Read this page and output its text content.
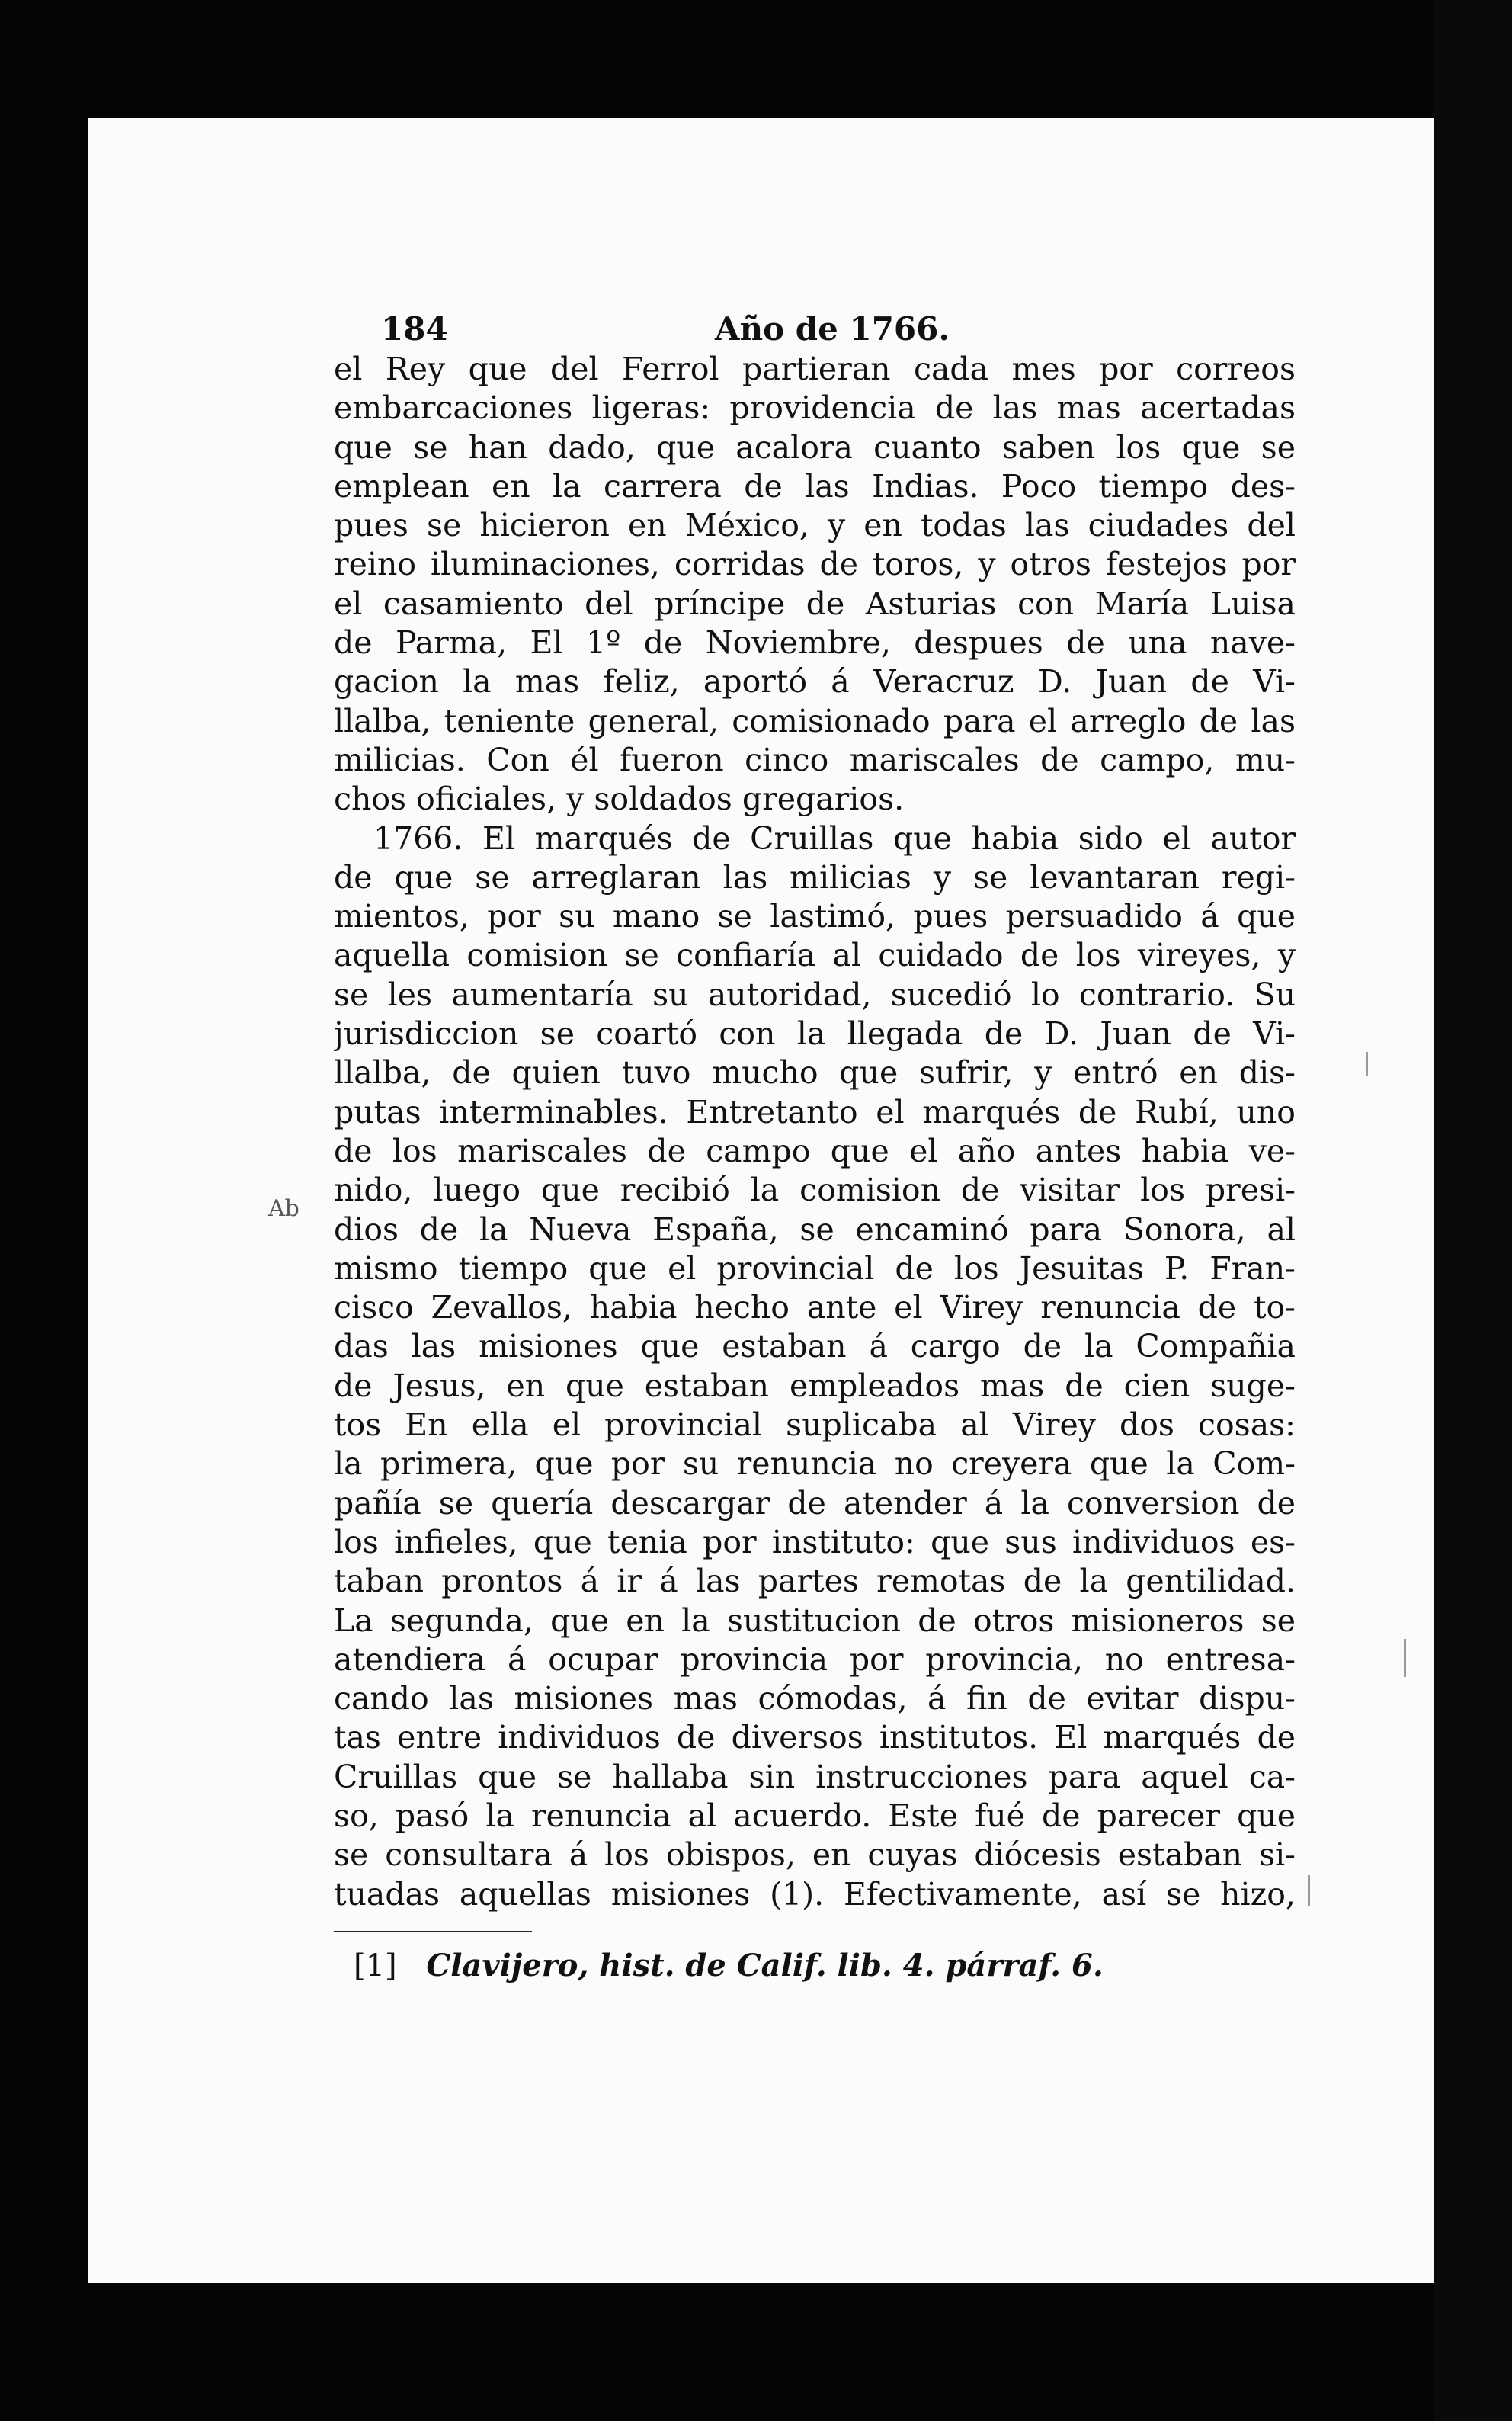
Ab
184	Año de 1766.
el Rey que del Ferrol partieran cada mes por correos
embarcaciones ligeras: providencia de las mas acertadas
que se han dado, que acalora cuanto saben los que se
emplean en la carrera de las Indias. Poco tiempo des-
pues se hicieron en México, y en todas las ciudades del
reino iluminaciones, corridas de toros, y otros festejos por
el casamiento del príncipe de Asturias con María Luisa
de Parma, El 1º de Noviembre, despues de una nave-
gacion la mas feliz, aportó á Veracruz D. Juan de Vi-
llalba, teniente general, comisionado para el arreglo de las
milicias. Con él fueron cinco mariscales de campo, mu-
chos oficiales, y soldados gregarios.
1766. El marqués de Cruillas que habia sido el autor
de que se arreglaran las milicias y se levantaran regi-
mientos, por su mano se lastimó, pues persuadido á que
aquella comision se confiaría al cuidado de los vireyes, y
se les aumentaría su autoridad, sucedió lo contrario. Su
jurisdiccion se coartó con la llegada de D. Juan de Vi-
llalba, de quien tuvo mucho que sufrir, y entró en dis-
putas interminables. Entretanto el marqués de Rubí, uno
de los mariscales de campo que el año antes habia ve-
nido, luego que recibió la comision de visitar los presi-
dios de la Nueva España, se encaminó para Sonora, al
mismo tiempo que el provincial de los Jesuitas P. Fran-
cisco Zevallos, habia hecho ante el Virey renuncia de to-
das las misiones que estaban á cargo de la Compañia
de Jesus, en que estaban empleados mas de cien suge-
tos En ella el provincial suplicaba al Virey dos cosas:
la primera, que por su renuncia no creyera que la Com-
pañía se quería descargar de atender á la conversion de
los infieles, que tenia por instituto: que sus individuos es-
taban prontos á ir á las partes remotas de la gentilidad.
La segunda, que en la sustitucion de otros misioneros se
atendiera á ocupar provincia por provincia, no entresa-
cando las misiones mas cómodas, á fin de evitar dispu-
tas entre individuos de diversos institutos. El marqués de
Cruillas que se hallaba sin instrucciones para aquel ca-
so, pasó la renuncia al acuerdo. Este fué de parecer que
se consultara á los obispos, en cuyas diócesis estaban si-
tuadas aquellas misiones (1). Efectivamente, así se hizo,
[1] Clavijero, hist. de Calif. lib. 4. párraf. 6.
